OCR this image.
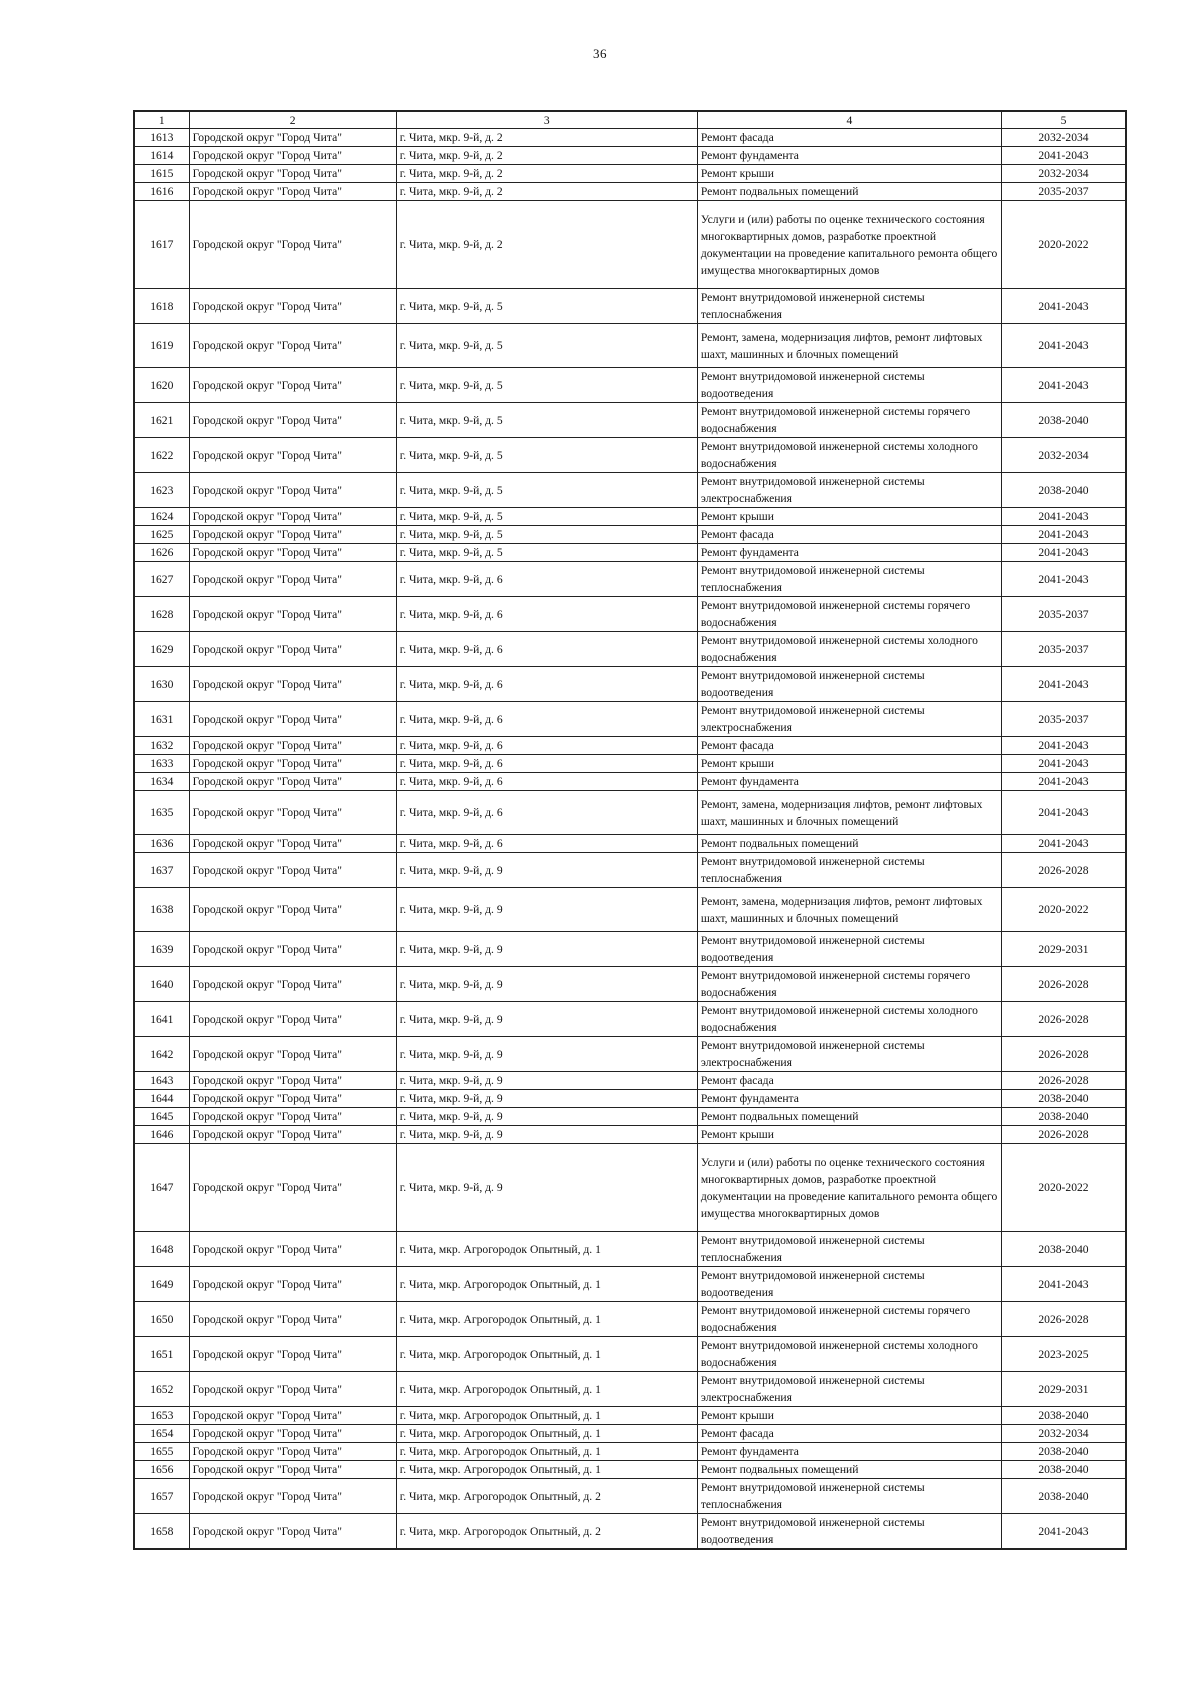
36
1	2	3	4	5
1613	Городской округ "Город Чита"	г. Чита, мкр. 9-й, д. 2	Ремонт фасада	2032-2034
1614	Городской округ "Город Чита"	г. Чита, мкр. 9-й, д. 2	Ремонт фундамента	2041-2043
1615	Городской округ "Город Чита"	г. Чита, мкр. 9-й, д. 2	Ремонт крыши	2032-2034
1616	Городской округ "Город Чита"	г. Чита, мкр. 9-й, д. 2	Ремонт подвальных помещений	2035-2037
1617	Городской округ "Город Чита"	г. Чита, мкр. 9-й, д. 2	Услуги и (или) работы по оценке технического состояния многоквартирных домов, разработке проектной документации на проведение капитального ремонта общего имущества многоквартирных домов	2020-2022
1618	Городской округ "Город Чита"	г. Чита, мкр. 9-й, д. 5	Ремонт внутридомовой инженерной системы теплоснабжения	2041-2043
1619	Городской округ "Город Чита"	г. Чита, мкр. 9-й, д. 5	Ремонт, замена, модернизация лифтов, ремонт лифтовых шахт, машинных и блочных помещений	2041-2043
1620	Городской округ "Город Чита"	г. Чита, мкр. 9-й, д. 5	Ремонт внутридомовой инженерной системы водоотведения	2041-2043
1621	Городской округ "Город Чита"	г. Чита, мкр. 9-й, д. 5	Ремонт внутридомовой инженерной системы горячего водоснабжения	2038-2040
1622	Городской округ "Город Чита"	г. Чита, мкр. 9-й, д. 5	Ремонт внутридомовой инженерной системы холодного водоснабжения	2032-2034
1623	Городской округ "Город Чита"	г. Чита, мкр. 9-й, д. 5	Ремонт внутридомовой инженерной системы электроснабжения	2038-2040
1624	Городской округ "Город Чита"	г. Чита, мкр. 9-й, д. 5	Ремонт крыши	2041-2043
1625	Городской округ "Город Чита"	г. Чита, мкр. 9-й, д. 5	Ремонт фасада	2041-2043
1626	Городской округ "Город Чита"	г. Чита, мкр. 9-й, д. 5	Ремонт фундамента	2041-2043
1627	Городской округ "Город Чита"	г. Чита, мкр. 9-й, д. 6	Ремонт внутридомовой инженерной системы теплоснабжения	2041-2043
1628	Городской округ "Город Чита"	г. Чита, мкр. 9-й, д. 6	Ремонт внутридомовой инженерной системы горячего водоснабжения	2035-2037
1629	Городской округ "Город Чита"	г. Чита, мкр. 9-й, д. 6	Ремонт внутридомовой инженерной системы холодного водоснабжения	2035-2037
1630	Городской округ "Город Чита"	г. Чита, мкр. 9-й, д. 6	Ремонт внутридомовой инженерной системы водоотведения	2041-2043
1631	Городской округ "Город Чита"	г. Чита, мкр. 9-й, д. 6	Ремонт внутридомовой инженерной системы электроснабжения	2035-2037
1632	Городской округ "Город Чита"	г. Чита, мкр. 9-й, д. 6	Ремонт фасада	2041-2043
1633	Городской округ "Город Чита"	г. Чита, мкр. 9-й, д. 6	Ремонт крыши	2041-2043
1634	Городской округ "Город Чита"	г. Чита, мкр. 9-й, д. 6	Ремонт фундамента	2041-2043
1635	Городской округ "Город Чита"	г. Чита, мкр. 9-й, д. 6	Ремонт, замена, модернизация лифтов, ремонт лифтовых шахт, машинных и блочных помещений	2041-2043
1636	Городской округ "Город Чита"	г. Чита, мкр. 9-й, д. 6	Ремонт подвальных помещений	2041-2043
1637	Городской округ "Город Чита"	г. Чита, мкр. 9-й, д. 9	Ремонт внутридомовой инженерной системы теплоснабжения	2026-2028
1638	Городской округ "Город Чита"	г. Чита, мкр. 9-й, д. 9	Ремонт, замена, модернизация лифтов, ремонт лифтовых шахт, машинных и блочных помещений	2020-2022
1639	Городской округ "Город Чита"	г. Чита, мкр. 9-й, д. 9	Ремонт внутридомовой инженерной системы водоотведения	2029-2031
1640	Городской округ "Город Чита"	г. Чита, мкр. 9-й, д. 9	Ремонт внутридомовой инженерной системы горячего водоснабжения	2026-2028
1641	Городской округ "Город Чита"	г. Чита, мкр. 9-й, д. 9	Ремонт внутридомовой инженерной системы холодного водоснабжения	2026-2028
1642	Городской округ "Город Чита"	г. Чита, мкр. 9-й, д. 9	Ремонт внутридомовой инженерной системы электроснабжения	2026-2028
1643	Городской округ "Город Чита"	г. Чита, мкр. 9-й, д. 9	Ремонт фасада	2026-2028
1644	Городской округ "Город Чита"	г. Чита, мкр. 9-й, д. 9	Ремонт фундамента	2038-2040
1645	Городской округ "Город Чита"	г. Чита, мкр. 9-й, д. 9	Ремонт подвальных помещений	2038-2040
1646	Городской округ "Город Чита"	г. Чита, мкр. 9-й, д. 9	Ремонт крыши	2026-2028
1647	Городской округ "Город Чита"	г. Чита, мкр. 9-й, д. 9	Услуги и (или) работы по оценке технического состояния многоквартирных домов, разработке проектной документации на проведение капитального ремонта общего имущества многоквартирных домов	2020-2022
1648	Городской округ "Город Чита"	г. Чита, мкр. Агрогородок Опытный, д. 1	Ремонт внутридомовой инженерной системы теплоснабжения	2038-2040
1649	Городской округ "Город Чита"	г. Чита, мкр. Агрогородок Опытный, д. 1	Ремонт внутридомовой инженерной системы водоотведения	2041-2043
1650	Городской округ "Город Чита"	г. Чита, мкр. Агрогородок Опытный, д. 1	Ремонт внутридомовой инженерной системы горячего водоснабжения	2026-2028
1651	Городской округ "Город Чита"	г. Чита, мкр. Агрогородок Опытный, д. 1	Ремонт внутридомовой инженерной системы холодного водоснабжения	2023-2025
1652	Городской округ "Город Чита"	г. Чита, мкр. Агрогородок Опытный, д. 1	Ремонт внутридомовой инженерной системы электроснабжения	2029-2031
1653	Городской округ "Город Чита"	г. Чита, мкр. Агрогородок Опытный, д. 1	Ремонт крыши	2038-2040
1654	Городской округ "Город Чита"	г. Чита, мкр. Агрогородок Опытный, д. 1	Ремонт фасада	2032-2034
1655	Городской округ "Город Чита"	г. Чита, мкр. Агрогородок Опытный, д. 1	Ремонт фундамента	2038-2040
1656	Городской округ "Город Чита"	г. Чита, мкр. Агрогородок Опытный, д. 1	Ремонт подвальных помещений	2038-2040
1657	Городской округ "Город Чита"	г. Чита, мкр. Агрогородок Опытный, д. 2	Ремонт внутридомовой инженерной системы теплоснабжения	2038-2040
1658	Городской округ "Город Чита"	г. Чита, мкр. Агрогородок Опытный, д. 2	Ремонт внутридомовой инженерной системы водоотведения	2041-2043
